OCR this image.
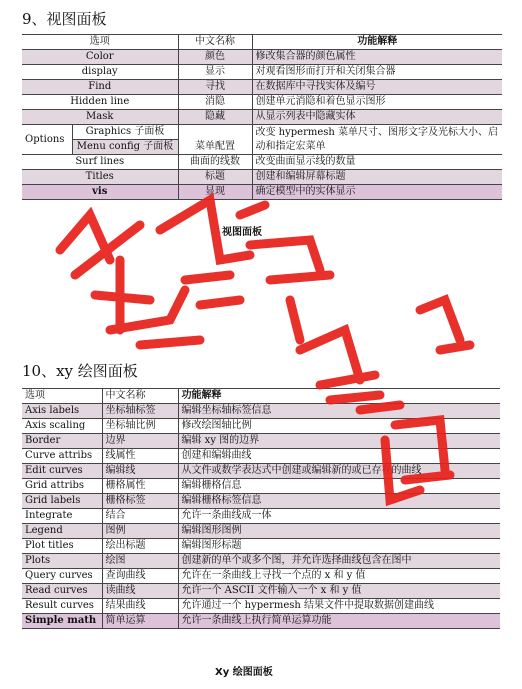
9、视图面板
选项		中文名称	功能解释
Color		颜色	修改集合器的颜色属性
display		显示	对观看图形而打开和关闭集合器
Find		寻找	在数据库中寻找实体及编号
Hidden line		消隐	创建单元消隐和着色显示图形
Mask		隐藏	从显示列表中隐藏实体
Options	Graphics 子面板	菜单配置	改变 hypermesh 菜单尺寸、图形文字及光标大小、启动和指定宏菜单
	Menu config 子面板		
Surf lines		曲面的线数	改变曲面显示线的数量
Titles		标题	创建和编辑屏幕标题
vis		显现	确定模型中的实体显示
视图面板
10、xy 绘图面板
选项	中文名称	功能解释
Axis labels	坐标轴标签	编辑坐标轴标签信息
Axis scaling	坐标轴比例	修改绘图轴比例
Border	边界	编辑 xy 图的边界
Curve attribs	线属性	创建和编辑曲线
Edit curves	编辑线	从文件或数学表达式中创建或编辑新的或已存在的曲线
Grid attribs	栅格属性	编辑栅格信息
Grid labels	栅格标签	编辑栅格标签信息
Integrate	结合	允许一条曲线成一体
Legend	图例	编辑图形图例
Plot titles	绘出标题	编辑图形标题
Plots	绘图	创建新的单个或多个图，并允许选择曲线包含在图中
Query curves	查询曲线	允许在一条曲线上寻找一个点的 x 和 y 值
Read curves	读曲线	允许一个 ASCII 文件输入一个 x 和 y 值
Result curves	结果曲线	允许通过一个 hypermesh 结果文件中提取数据创建曲线
Simple math	简单运算	允许一条曲线上执行简单运算功能
Xy 绘图面板
